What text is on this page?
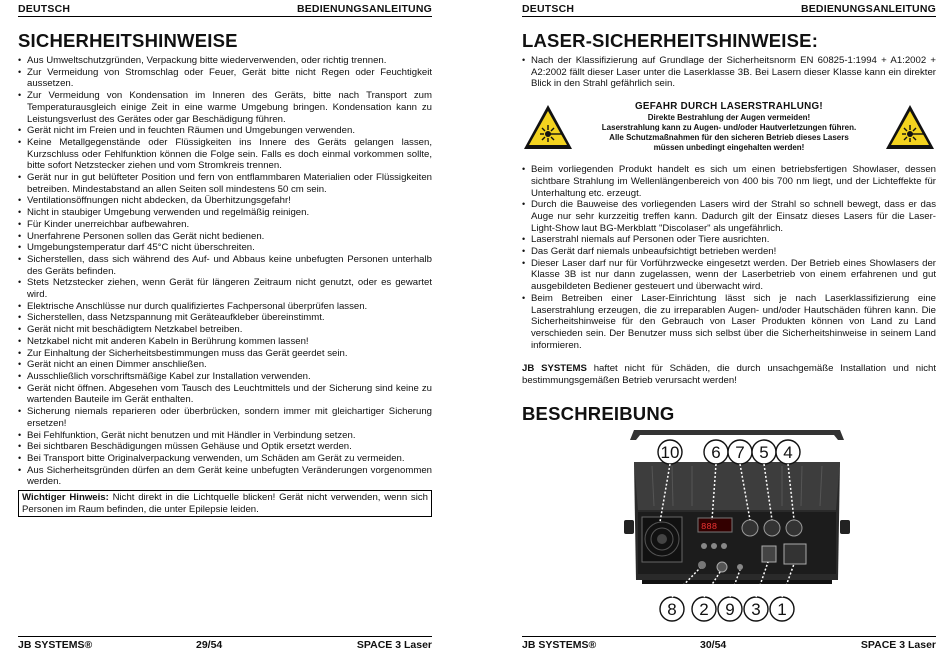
DEUTSCH	BEDIENUNGSANLEITUNG
SICHERHEITSHINWEISE
• Aus Umweltschutzgründen, Verpackung bitte wiederverwenden, oder richtig trennen.
• Zur Vermeidung von Stromschlag oder Feuer, Gerät bitte nicht Regen oder Feuchtigkeit aussetzen.
• Zur Vermeidung von Kondensation im Inneren des Geräts, bitte nach Transport zum Temperaturausgleich einige Zeit in eine warme Umgebung bringen. Kondensation kann zu Leistungsverlust des Gerätes oder gar Beschädigung führen.
• Gerät nicht im Freien und in feuchten Räumen und Umgebungen verwenden.
• Keine Metallgegenstände oder Flüssigkeiten ins Innere des Geräts gelangen lassen, Kurzschluss oder Fehlfunktion können die Folge sein. Falls es doch einmal vorkommen sollte, bitte sofort Netzstecker ziehen und vom Stromkreis trennen.
• Gerät nur in gut belüfteter Position und fern von entflammbaren Materialien oder Flüssigkeiten betreiben. Mindestabstand an allen Seiten soll mindestens 50 cm sein.
• Ventilationsöffnungen nicht abdecken, da Überhitzungsgefahr!
• Nicht in staubiger Umgebung verwenden und regelmäßig reinigen.
• Für Kinder unerreichbar aufbewahren.
• Unerfahrene Personen sollen das Gerät nicht bedienen.
• Umgebungstemperatur darf 45°C nicht überschreiten.
• Sicherstellen, dass sich während des Auf- und Abbaus keine unbefugten Personen unterhalb des Geräts befinden.
• Stets Netzstecker ziehen, wenn Gerät für längeren Zeitraum nicht genutzt, oder es gewartet wird.
• Elektrische Anschlüsse nur durch qualifiziertes Fachpersonal überprüfen lassen.
• Sicherstellen, dass Netzspannung mit Geräteaufkleber übereinstimmt.
• Gerät nicht mit beschädigtem Netzkabel betreiben.
• Netzkabel nicht mit anderen Kabeln in Berührung kommen lassen!
• Zur Einhaltung der Sicherheitsbestimmungen muss das Gerät geerdet sein.
• Gerät nicht an einen Dimmer anschließen.
• Ausschließlich vorschriftsmäßige Kabel zur Installation verwenden.
• Gerät nicht öffnen. Abgesehen vom Tausch des Leuchtmittels und der Sicherung sind keine zu wartenden Bauteile im Gerät enthalten.
• Sicherung niemals reparieren oder überbrücken, sondern immer mit gleichartiger Sicherung ersetzen!
• Bei Fehlfunktion, Gerät nicht benutzen und mit Händler in Verbindung setzen.
• Bei sichtbaren Beschädigungen müssen Gehäuse und Optik ersetzt werden.
• Bei Transport bitte Originalverpackung verwenden, um Schäden am Gerät zu vermeiden.
• Aus Sicherheitsgründen dürfen an dem Gerät keine unbefugten Veränderungen vorgenommen werden.
Wichtiger Hinweis: Nicht direkt in die Lichtquelle blicken! Gerät nicht verwenden, wenn sich Personen im Raum befinden, die unter Epilepsie leiden.
JB SYSTEMS®	29/54	SPACE 3 Laser
DEUTSCH	BEDIENUNGSANLEITUNG
LASER-SICHERHEITSHINWEISE:
• Nach der Klassifizierung auf Grundlage der Sicherheitsnorm EN 60825-1:1994 + A1:2002 + A2:2002 fällt dieser Laser unter die Laserklasse 3B. Bei Lasern dieser Klasse kann ein direkter Blick in den Strahl gefährlich sein.
GEFAHR DURCH LASERSTRAHLUNG!
Direkte Bestrahlung der Augen vermeiden!
Laserstrahlung kann zu Augen- und/oder Hautverletzungen führen.
Alle Schutzmaßnahmen für den sicheren Betrieb dieses Lasers
müssen unbedingt eingehalten werden!
• Beim vorliegenden Produkt handelt es sich um einen betriebsfertigen Showlaser, dessen sichtbare Strahlung im Wellenlängenbereich von 400 bis 700 nm liegt, und der Lichteffekte für Unterhaltung etc. erzeugt.
• Durch die Bauweise des vorliegenden Lasers wird der Strahl so schnell bewegt, dass er das Auge nur sehr kurzzeitig treffen kann. Dadurch gilt der Einsatz dieses Lasers für die Laser-Light-Show laut BG-Merkblatt "Discolaser" als ungefährlich.
• Laserstrahl niemals auf Personen oder Tiere ausrichten.
• Das Gerät darf niemals unbeaufsichtigt betrieben werden!
• Dieser Laser darf nur für Vorführzwecke eingesetzt werden. Der Betrieb eines Showlasers der Klasse 3B ist nur dann zugelassen, wenn der Laserbetrieb von einem erfahrenen und gut ausgebildeten Bediener gesteuert und überwacht wird.
• Beim Betreiben einer Laser-Einrichtung lässt sich je nach Laserklassifizierung eine Laserstrahlung erzeugen, die zu irreparablen Augen- und/oder Hautschäden führen kann. Die Sicherheitshinweise für den Gebrauch von Laser Produkten können von Land zu Land verschieden sein. Der Benutzer muss sich selbst über die Sicherheitshinweise in seinem Land informieren.
JB SYSTEMS haftet nicht für Schäden, die durch unsachgemäße Installation und nicht bestimmungsgemäßen Betrieb verursacht werden!
BESCHREIBUNG
888
10 6 7 5 4
8 2 9 3 1
JB SYSTEMS®	30/54	SPACE 3 Laser
